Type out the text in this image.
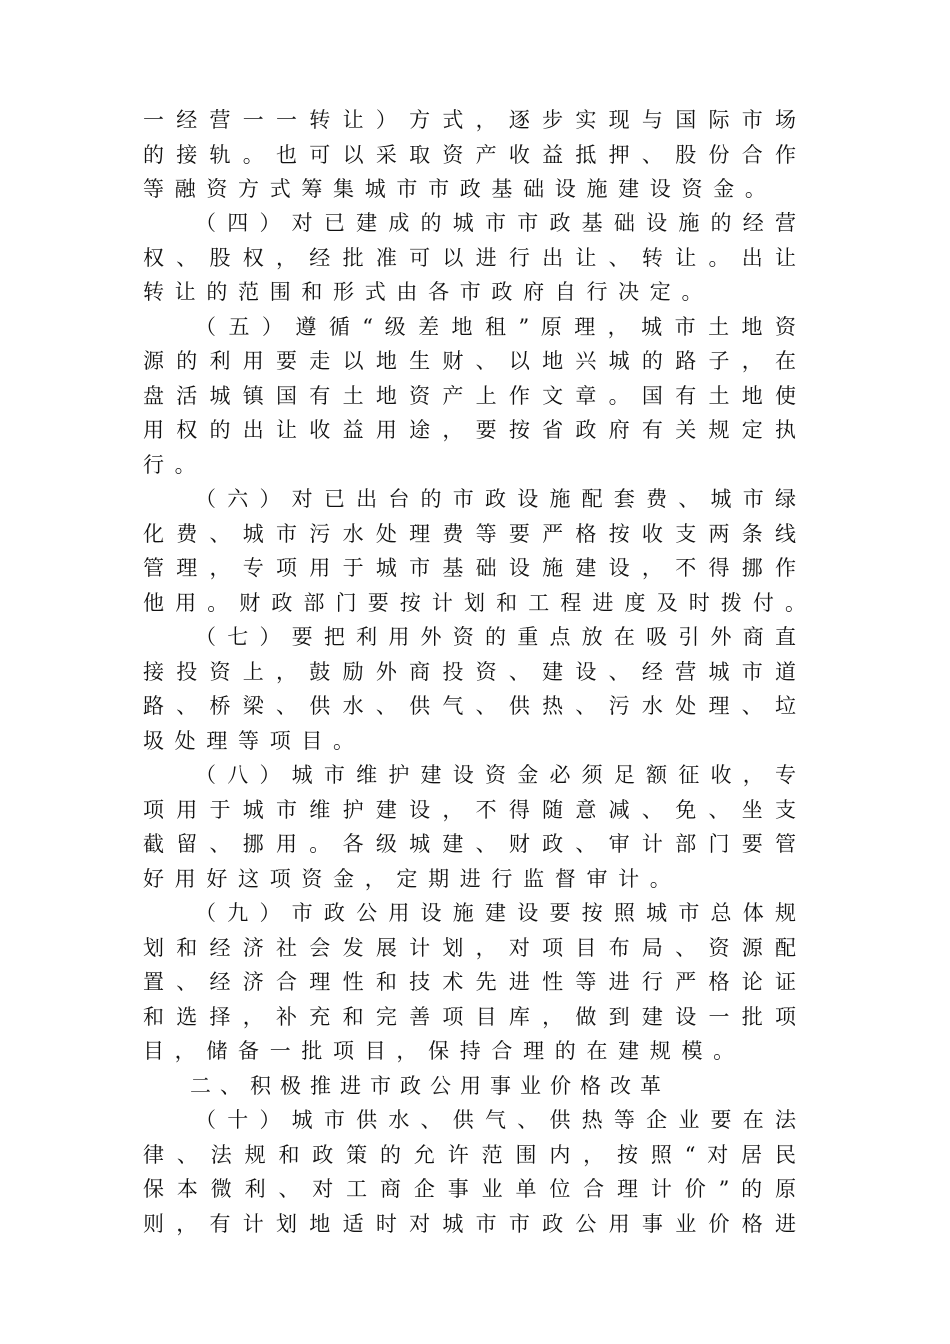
一 经 营 一 一 转 让 ） 方 式 ， 逐 步 实 现 与 国 际 市 场
的 接 轨 。 也 可 以 采 取 资 产 收 益 抵 押 、 股 份 合 作
等 融 资 方 式 筹 集 城 市 市 政 基 础 设 施 建 设 资 金 。
（ 四 ） 对 已 建 成 的 城 市 市 政 基 础 设 施 的 经 营
权 、 股 权 ， 经 批 准 可 以 进 行 出 让 、 转 让 。 出 让
转 让 的 范 围 和 形 式 由 各 市 政 府 自 行 决 定 。
（ 五 ） 遵 循 “ 级 差 地 租 ” 原 理 ， 城 市 土 地 资
源 的 利 用 要 走 以 地 生 财 、 以 地 兴 城 的 路 子 ， 在
盘 活 城 镇 国 有 土 地 资 产 上 作 文 章 。 国 有 土 地 使
用 权 的 出 让 收 益 用 途 ， 要 按 省 政 府 有 关 规 定 执
行 。
（ 六 ） 对 已 出 台 的 市 政 设 施 配 套 费 、 城 市 绿
化 费 、 城 市 污 水 处 理 费 等 要 严 格 按 收 支 两 条 线
管 理 ， 专 项 用 于 城 市 基 础 设 施 建 设 ， 不 得 挪 作
他 用 。 财 政 部 门 要 按 计 划 和 工 程 进 度 及 时 拨 付 。
（ 七 ） 要 把 利 用 外 资 的 重 点 放 在 吸 引 外 商 直
接 投 资 上 ， 鼓 励 外 商 投 资 、 建 设 、 经 营 城 市 道
路 、 桥 梁 、 供 水 、 供 气 、 供 热 、 污 水 处 理 、 垃
圾 处 理 等 项 目 。
（ 八 ） 城 市 维 护 建 设 资 金 必 须 足 额 征 收 ， 专
项 用 于 城 市 维 护 建 设 ， 不 得 随 意 减 、 免 、 坐 支
截 留 、 挪 用 。 各 级 城 建 、 财 政 、 审 计 部 门 要 管
好 用 好 这 项 资 金 ， 定 期 进 行 监 督 审 计 。
（ 九 ） 市 政 公 用 设 施 建 设 要 按 照 城 市 总 体 规
划 和 经 济 社 会 发 展 计 划 ， 对 项 目 布 局 、 资 源 配
置 、 经 济 合 理 性 和 技 术 先 进 性 等 进 行 严 格 论 证
和 选 择 ， 补 充 和 完 善 项 目 库 ， 做 到 建 设 一 批 项
目 ， 储 备 一 批 项 目 ， 保 持 合 理 的 在 建 规 模 。
二、积极推进市政公用事业价格改革
（ 十 ） 城 市 供 水 、 供 气 、 供 热 等 企 业 要 在 法
律 、 法 规 和 政 策 的 允 许 范 围 内 ， 按 照 “ 对 居 民
保 本 微 利 、 对 工 商 企 事 业 单 位 合 理 计 价 ” 的 原
则 ， 有 计 划 地 适 时 对 城 市 市 政 公 用 事 业 价 格 进
